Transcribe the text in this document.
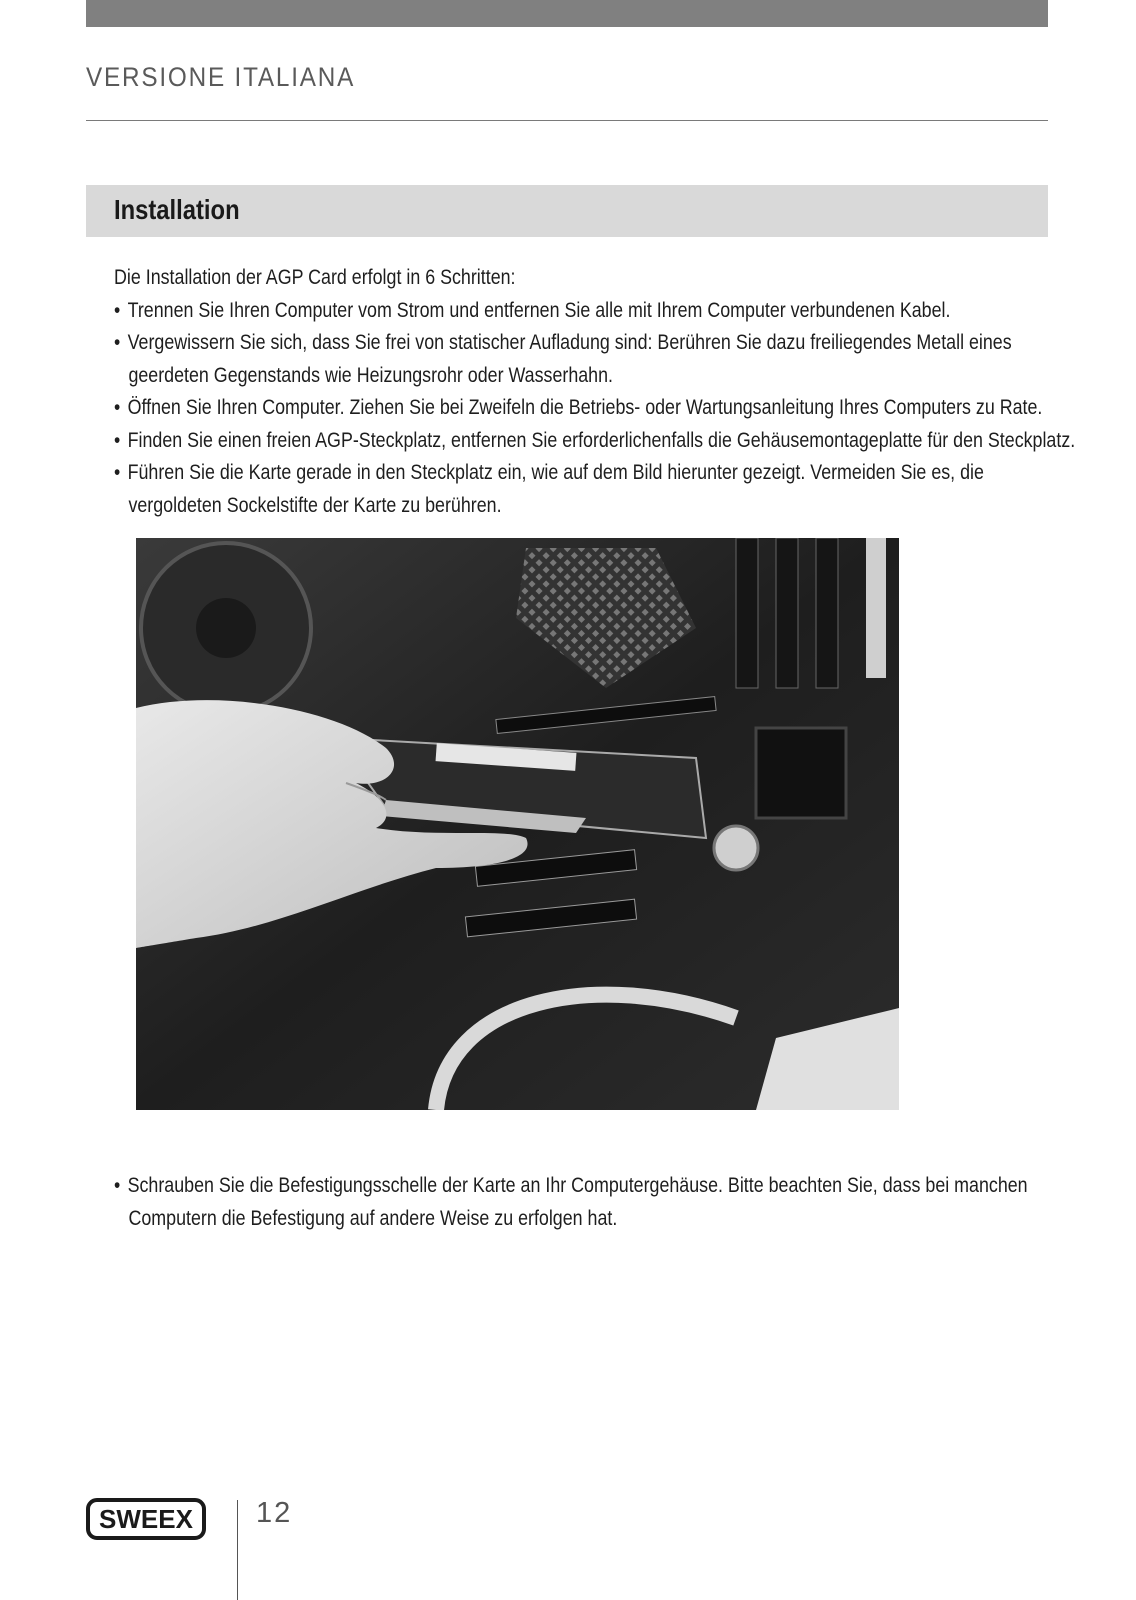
VERSIONE ITALIANA
Installation
Die Installation der AGP Card erfolgt in 6 Schritten:
• Trennen Sie Ihren Computer vom Strom und entfernen Sie alle mit Ihrem Computer verbundenen Kabel.
• Vergewissern Sie sich, dass Sie frei von statischer Aufladung sind: Berühren Sie dazu freiliegendes Metall eines
geerdeten Gegenstands wie Heizungsrohr oder Wasserhahn.
• Öffnen Sie Ihren Computer. Ziehen Sie bei Zweifeln die Betriebs- oder Wartungsanleitung Ihres Computers zu Rate.
• Finden Sie einen freien AGP-Steckplatz, entfernen Sie erforderlichenfalls die Gehäusemontageplatte für den Steckplatz.
• Führen Sie die Karte gerade in den Steckplatz ein, wie auf dem Bild hierunter gezeigt. Vermeiden Sie es, die
vergoldeten Sockelstifte der Karte zu berühren.
• Schrauben Sie die Befestigungsschelle der Karte an Ihr Computergehäuse. Bitte beachten Sie, dass bei manchen
Computern die Befestigung auf andere Weise zu erfolgen hat.
SWEEX 12
